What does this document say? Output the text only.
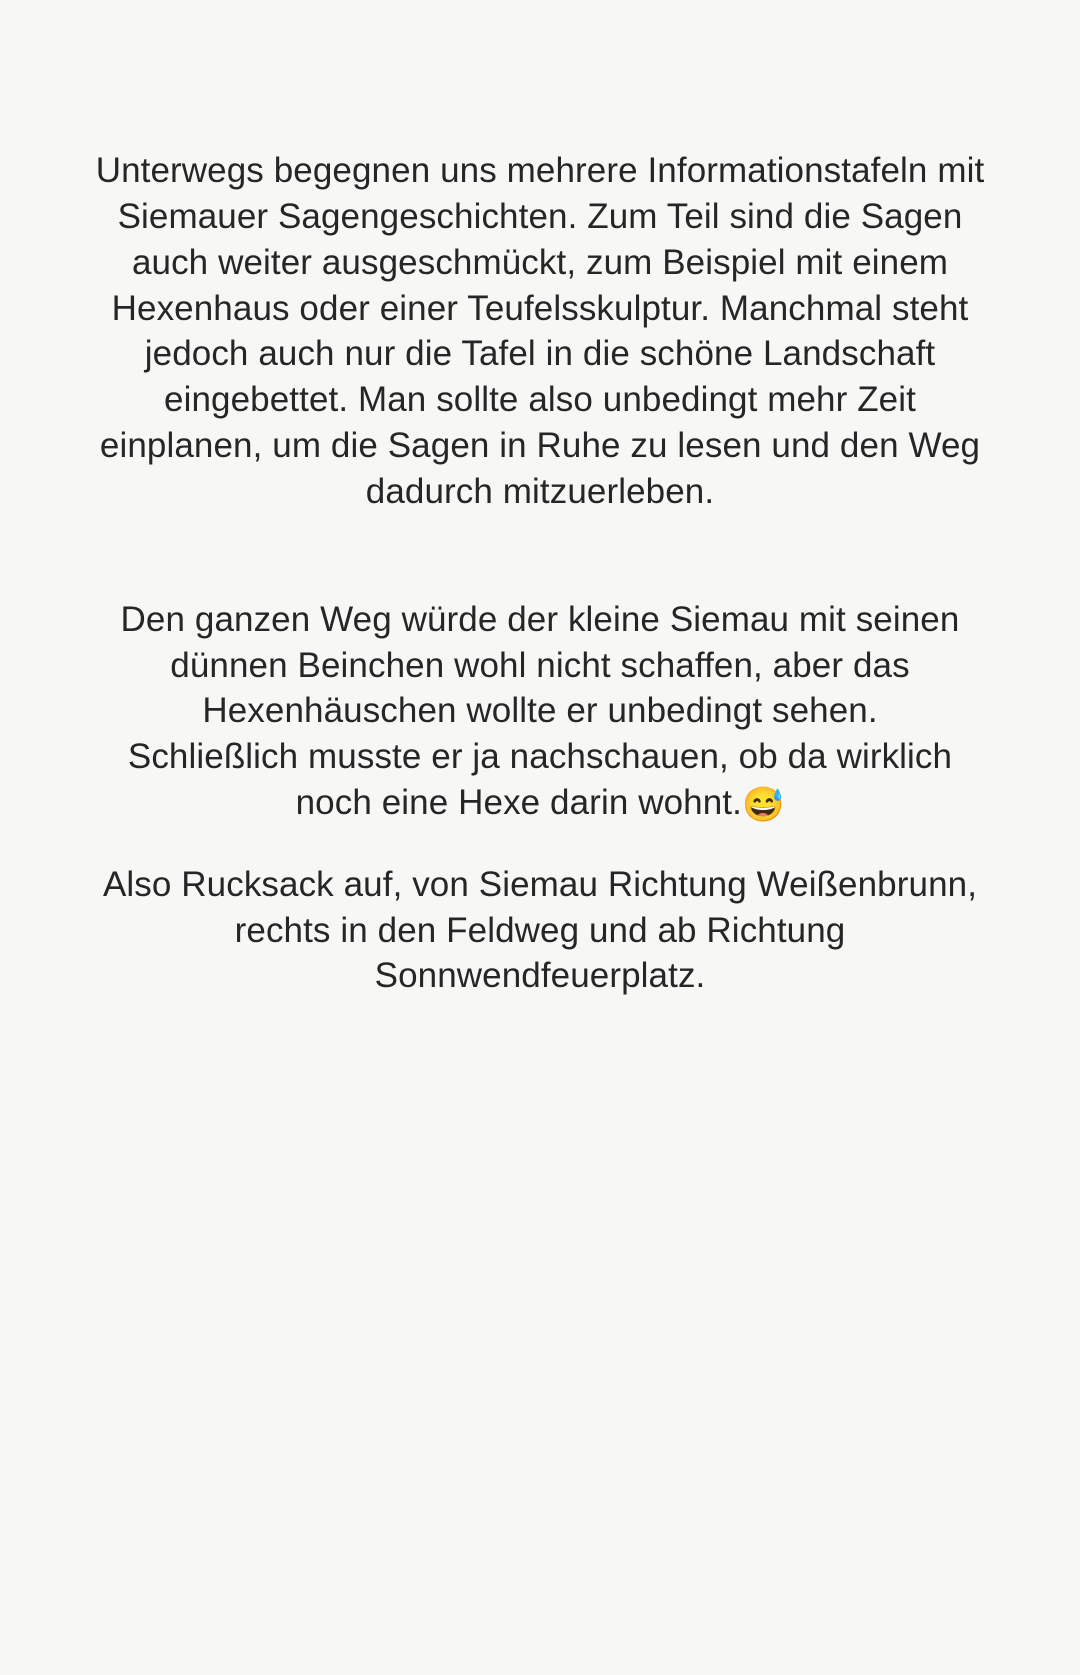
Unterwegs begegnen uns mehrere Informationstafeln mit Siemauer Sagengeschichten. Zum Teil sind die Sagen auch weiter ausgeschmückt, zum Beispiel mit einem Hexenhaus oder einer Teufelsskulptur. Manchmal steht jedoch auch nur die Tafel in die schöne Landschaft eingebettet. Man sollte also unbedingt mehr Zeit einplanen, um die Sagen in Ruhe zu lesen und den Weg dadurch mitzuerleben.

Den ganzen Weg würde der kleine Siemau mit seinen dünnen Beinchen wohl nicht schaffen, aber das Hexenhäuschen wollte er unbedingt sehen.
Schließlich musste er ja nachschauen, ob da wirklich noch eine Hexe darin wohnt.😅

Also Rucksack auf, von Siemau Richtung Weißenbrunn, rechts in den Feldweg und ab Richtung Sonnwendfeuerplatz.
